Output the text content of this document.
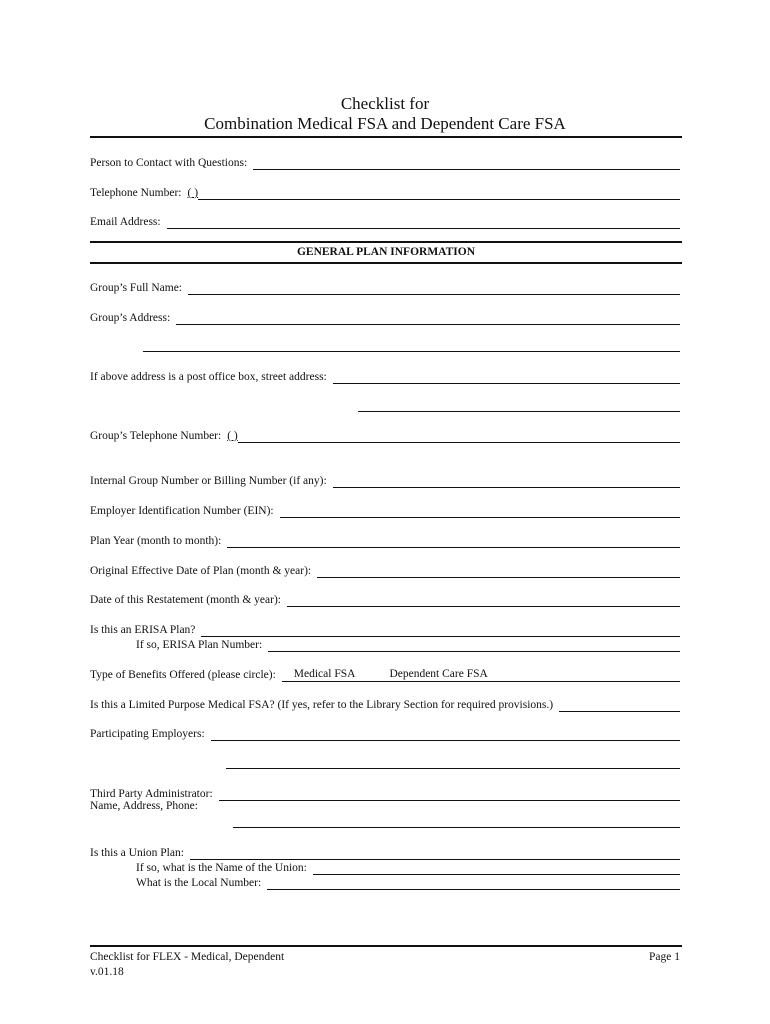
Checklist for
Combination Medical FSA and Dependent Care FSA
Person to Contact with Questions:
Telephone Number: ( )
Email Address:
GENERAL PLAN INFORMATION
Group’s Full Name:
Group’s Address:
If above address is a post office box, street address:
Group’s Telephone Number: ( )
Internal Group Number or Billing Number (if any):
Employer Identification Number (EIN):
Plan Year (month to month):
Original Effective Date of Plan (month & year):
Date of this Restatement (month & year):
Is this an ERISA Plan?
If so, ERISA Plan Number:
Type of Benefits Offered (please circle):	Medical FSA	Dependent Care FSA
Is this a Limited Purpose Medical FSA? (If yes, refer to the Library Section for required provisions.)
Participating Employers:
Third Party Administrator:
Name, Address, Phone:
Is this a Union Plan:
If so, what is the Name of the Union:
What is the Local Number:
Checklist for FLEX - Medical, Dependent
v.01.18
Page 1
